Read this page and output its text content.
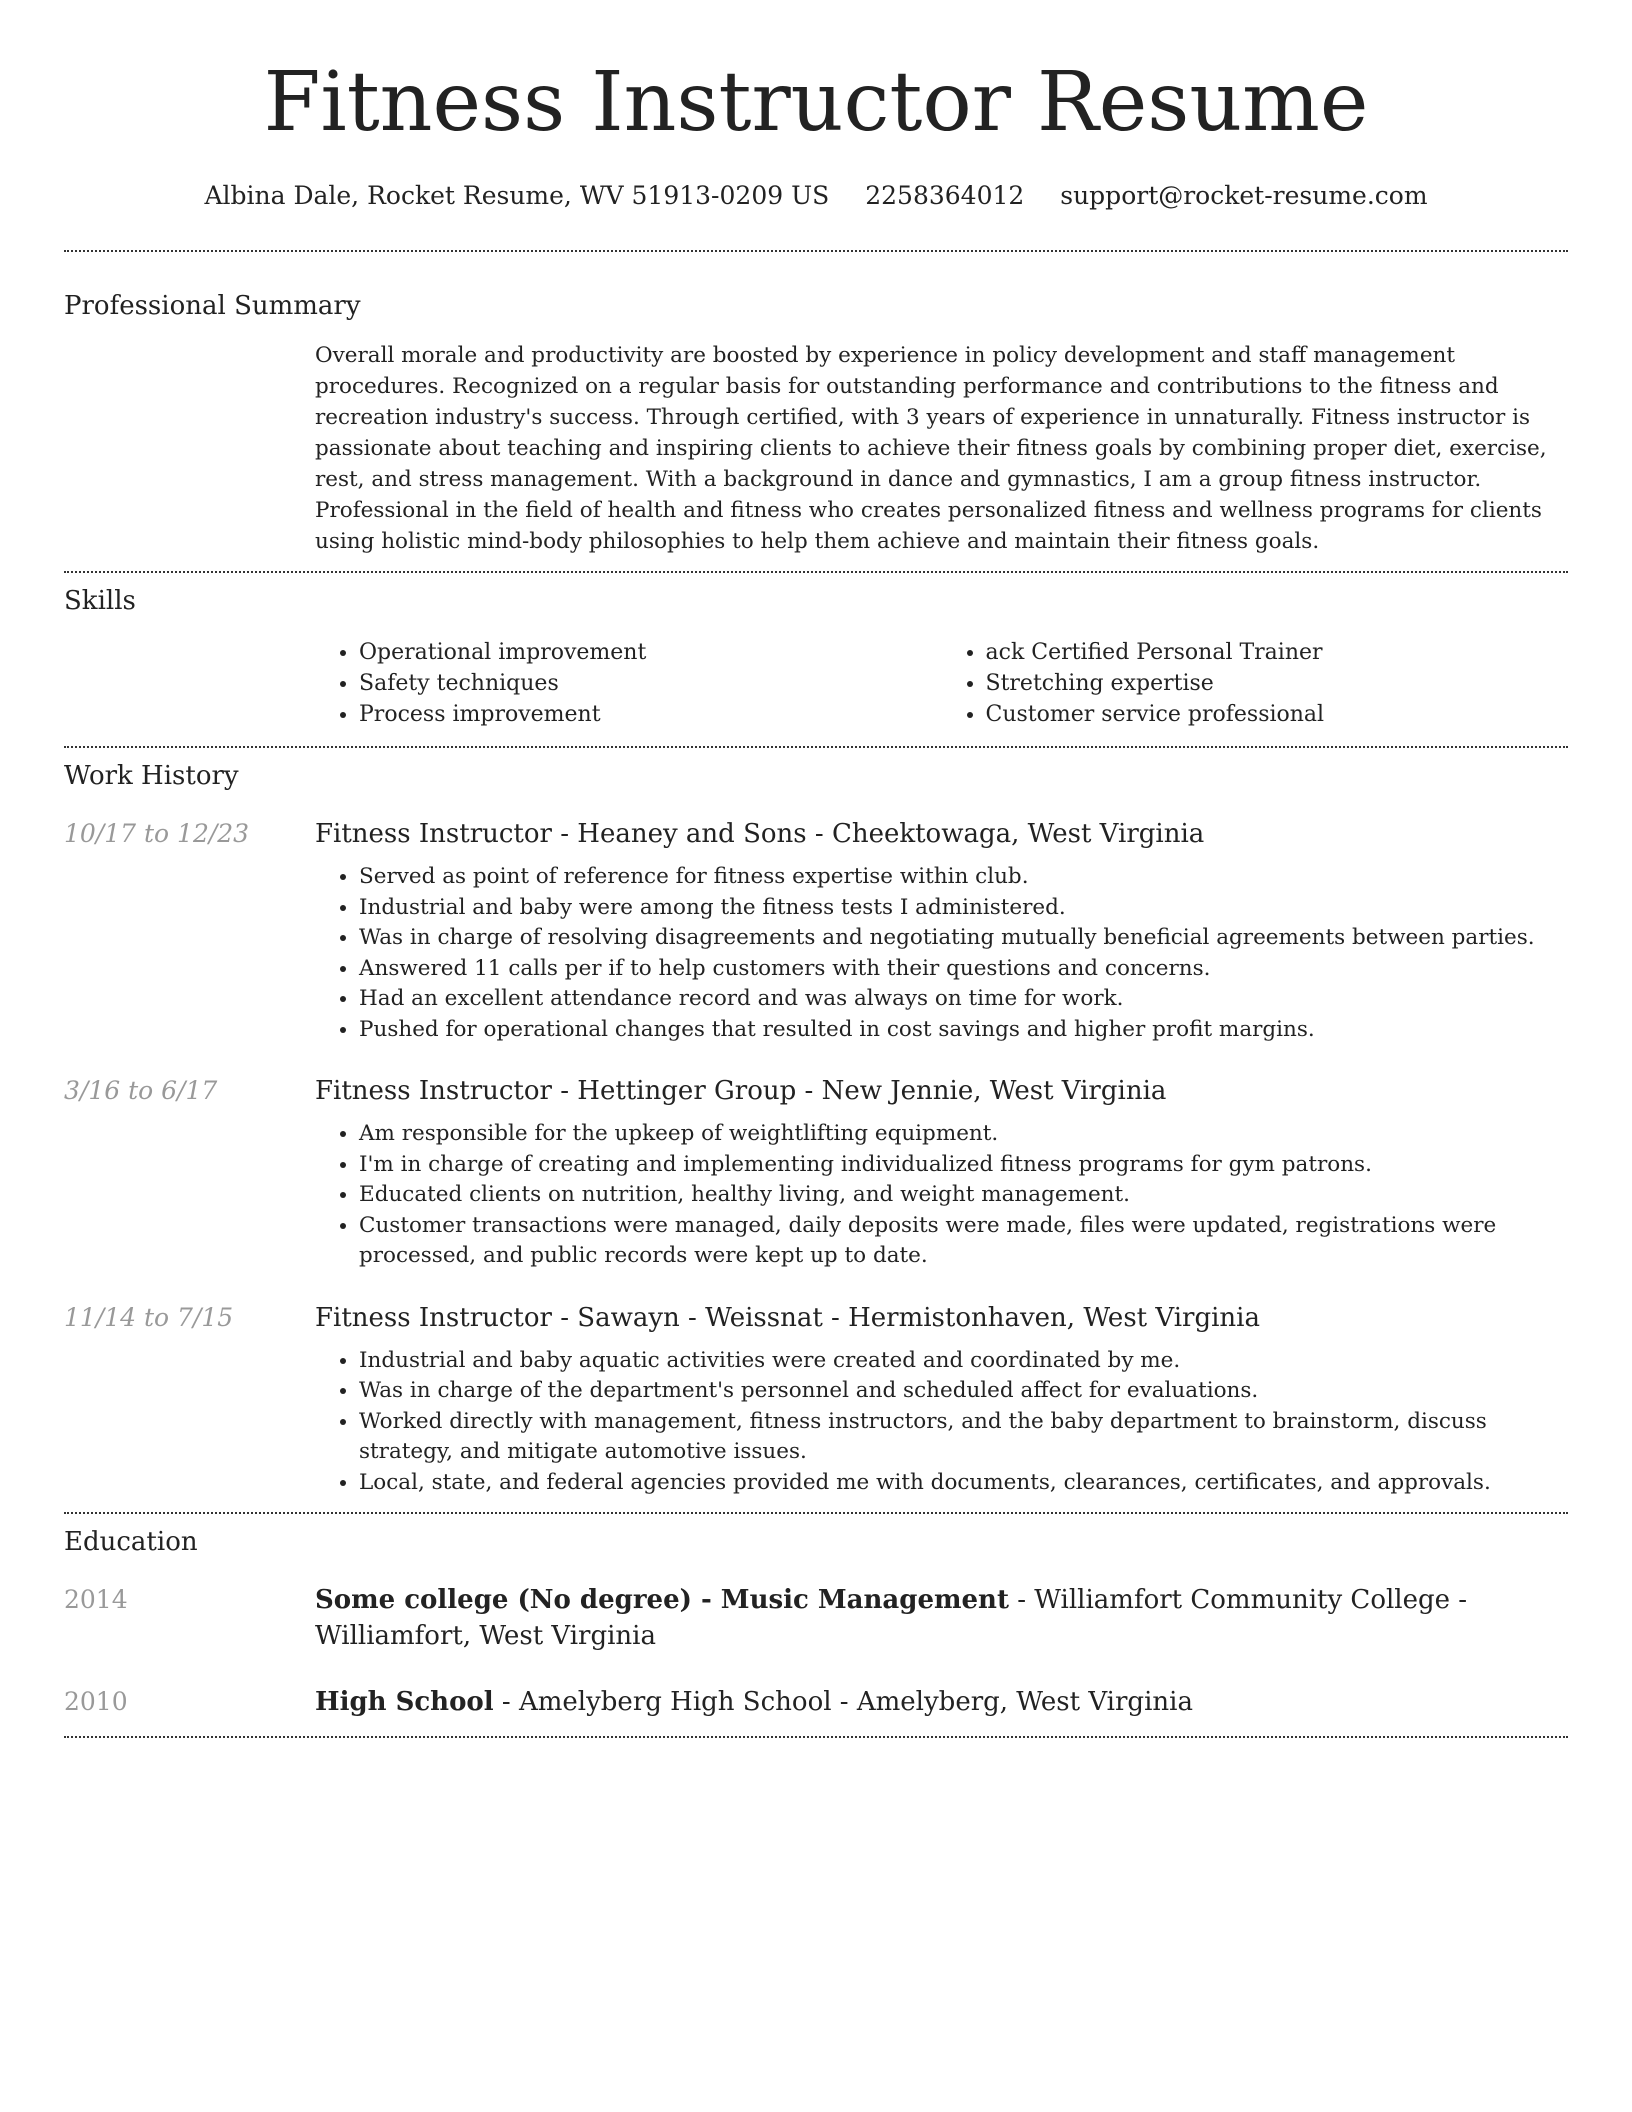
Fitness Instructor Resume
Albina Dale, Rocket Resume, WV 51913-0209 US 2258364012 support@rocket-resume.com
Professional Summary

Overall morale and productivity are boosted by experience in policy development and staff management procedures. Recognized on a regular basis for outstanding performance and contributions to the fitness and recreation industry's success. Through certified, with 3 years of experience in unnaturally. Fitness instructor is passionate about teaching and inspiring clients to achieve their fitness goals by combining proper diet, exercise, rest, and stress management. With a background in dance and gymnastics, I am a group fitness instructor. Professional in the field of health and fitness who creates personalized fitness and wellness programs for clients using holistic mind-body philosophies to help them achieve and maintain their fitness goals.

Skills
• Operational improvement
• Safety techniques
• Process improvement
• ack Certified Personal Trainer
• Stretching expertise
• Customer service professional
Work History
10/17 to 12/23	Fitness Instructor - Heaney and Sons - Cheektowaga, West Virginia
• Served as point of reference for fitness expertise within club.
• Industrial and baby were among the fitness tests I administered.
• Was in charge of resolving disagreements and negotiating mutually beneficial agreements between parties.
• Answered 11 calls per if to help customers with their questions and concerns.
• Had an excellent attendance record and was always on time for work.
• Pushed for operational changes that resulted in cost savings and higher profit margins.
3/16 to 6/17	Fitness Instructor - Hettinger Group - New Jennie, West Virginia
• Am responsible for the upkeep of weightlifting equipment.
• I'm in charge of creating and implementing individualized fitness programs for gym patrons.
• Educated clients on nutrition, healthy living, and weight management.
• Customer transactions were managed, daily deposits were made, files were updated, registrations were processed, and public records were kept up to date.
11/14 to 7/15	Fitness Instructor - Sawayn - Weissnat - Hermistonhaven, West Virginia
• Industrial and baby aquatic activities were created and coordinated by me.
• Was in charge of the department's personnel and scheduled affect for evaluations.
• Worked directly with management, fitness instructors, and the baby department to brainstorm, discuss strategy, and mitigate automotive issues.
• Local, state, and federal agencies provided me with documents, clearances, certificates, and approvals.
Education
2014	Some college (No degree) - Music Management - Williamfort Community College - Williamfort, West Virginia
2010	High School - Amelyberg High School - Amelyberg, West Virginia
